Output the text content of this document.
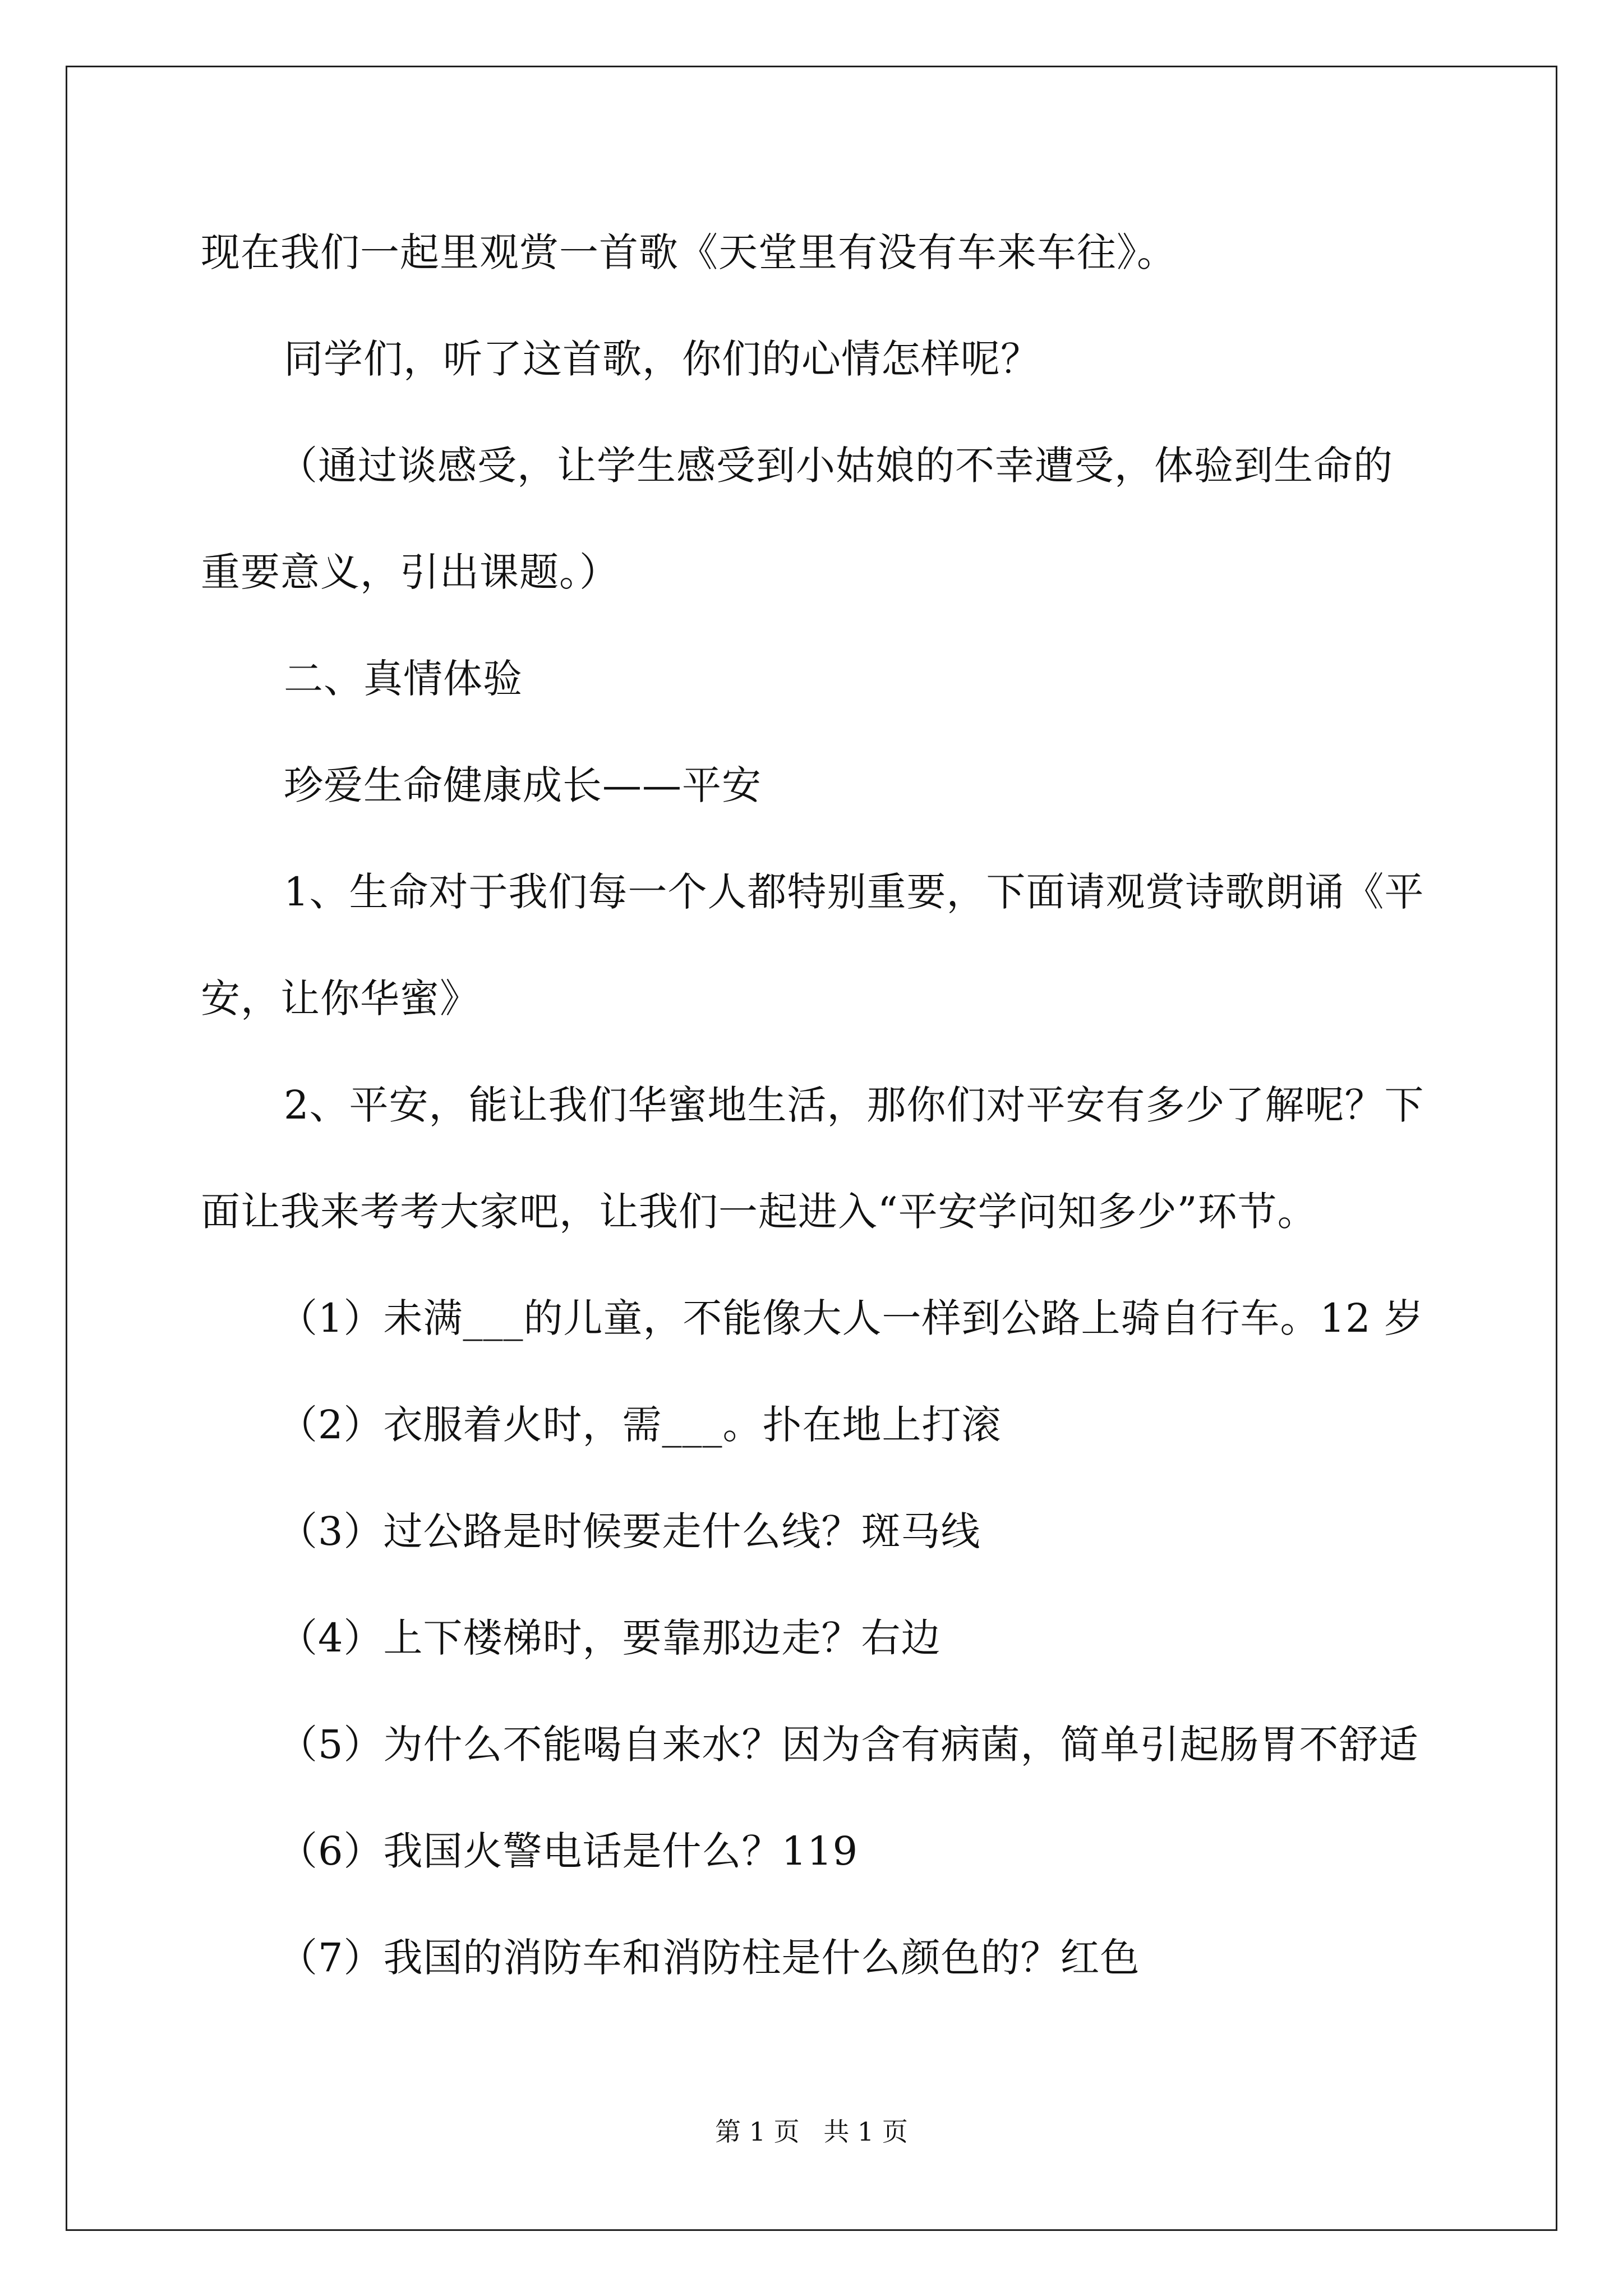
现在我们一起里观赏一首歌《天堂里有没有车来车往》。
同学们，听了这首歌，你们的心情怎样呢？
（通过谈感受，让学生感受到小姑娘的不幸遭受，体验到生命的
重要意义，引出课题。）
二、真情体验
珍爱生命健康成长——平安
1、生命对于我们每一个人都特别重要，下面请观赏诗歌朗诵《平
安，让你华蜜》
2、平安，能让我们华蜜地生活，那你们对平安有多少了解呢？下
面让我来考考大家吧，让我们一起进入“平安学问知多少”环节。
（1）未满___的儿童，不能像大人一样到公路上骑自行车。12 岁
（2）衣服着火时，需___。扑在地上打滚
（3）过公路是时候要走什么线？斑马线
（4）上下楼梯时，要靠那边走？右边
（5）为什么不能喝自来水？因为含有病菌，简单引起肠胃不舒适
（6）我国火警电话是什么？119
（7）我国的消防车和消防柱是什么颜色的？红色
第 1 页 共 1 页
